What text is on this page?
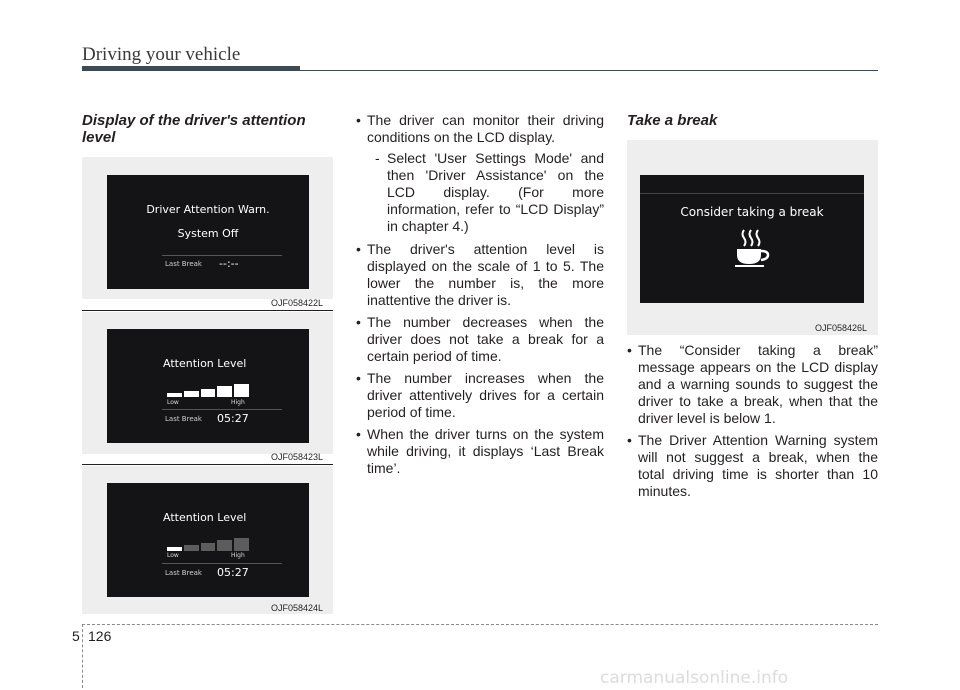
Driving your vehicle
Display of the driver's attention level
Driver Attention Warn.
System Off
Last Break --:--
OJF058422L
Attention Level
Low	High
Last Break 05:27
OJF058423L
Attention Level
Low	High
Last Break 05:27
OJF058424L
• The driver can monitor their driving conditions on the LCD display.
- Select 'User Settings Mode' and then 'Driver Assistance' on the LCD display. (For more information, refer to “LCD Display” in chapter 4.)
• The driver's attention level is displayed on the scale of 1 to 5. The lower the number is, the more inattentive the driver is.
• The number decreases when the driver does not take a break for a certain period of time.
• The number increases when the driver attentively drives for a certain period of time.
• When the driver turns on the system while driving, it displays ‘Last Break time’.
Take a break
Consider taking a break
OJF058426L
• The “Consider taking a break” message appears on the LCD display and a warning sounds to suggest the driver to take a break, when that the driver level is below 1.
• The Driver Attention Warning system will not suggest a break, when the total driving time is shorter than 10 minutes.
5 126
carmanualsonline.info
